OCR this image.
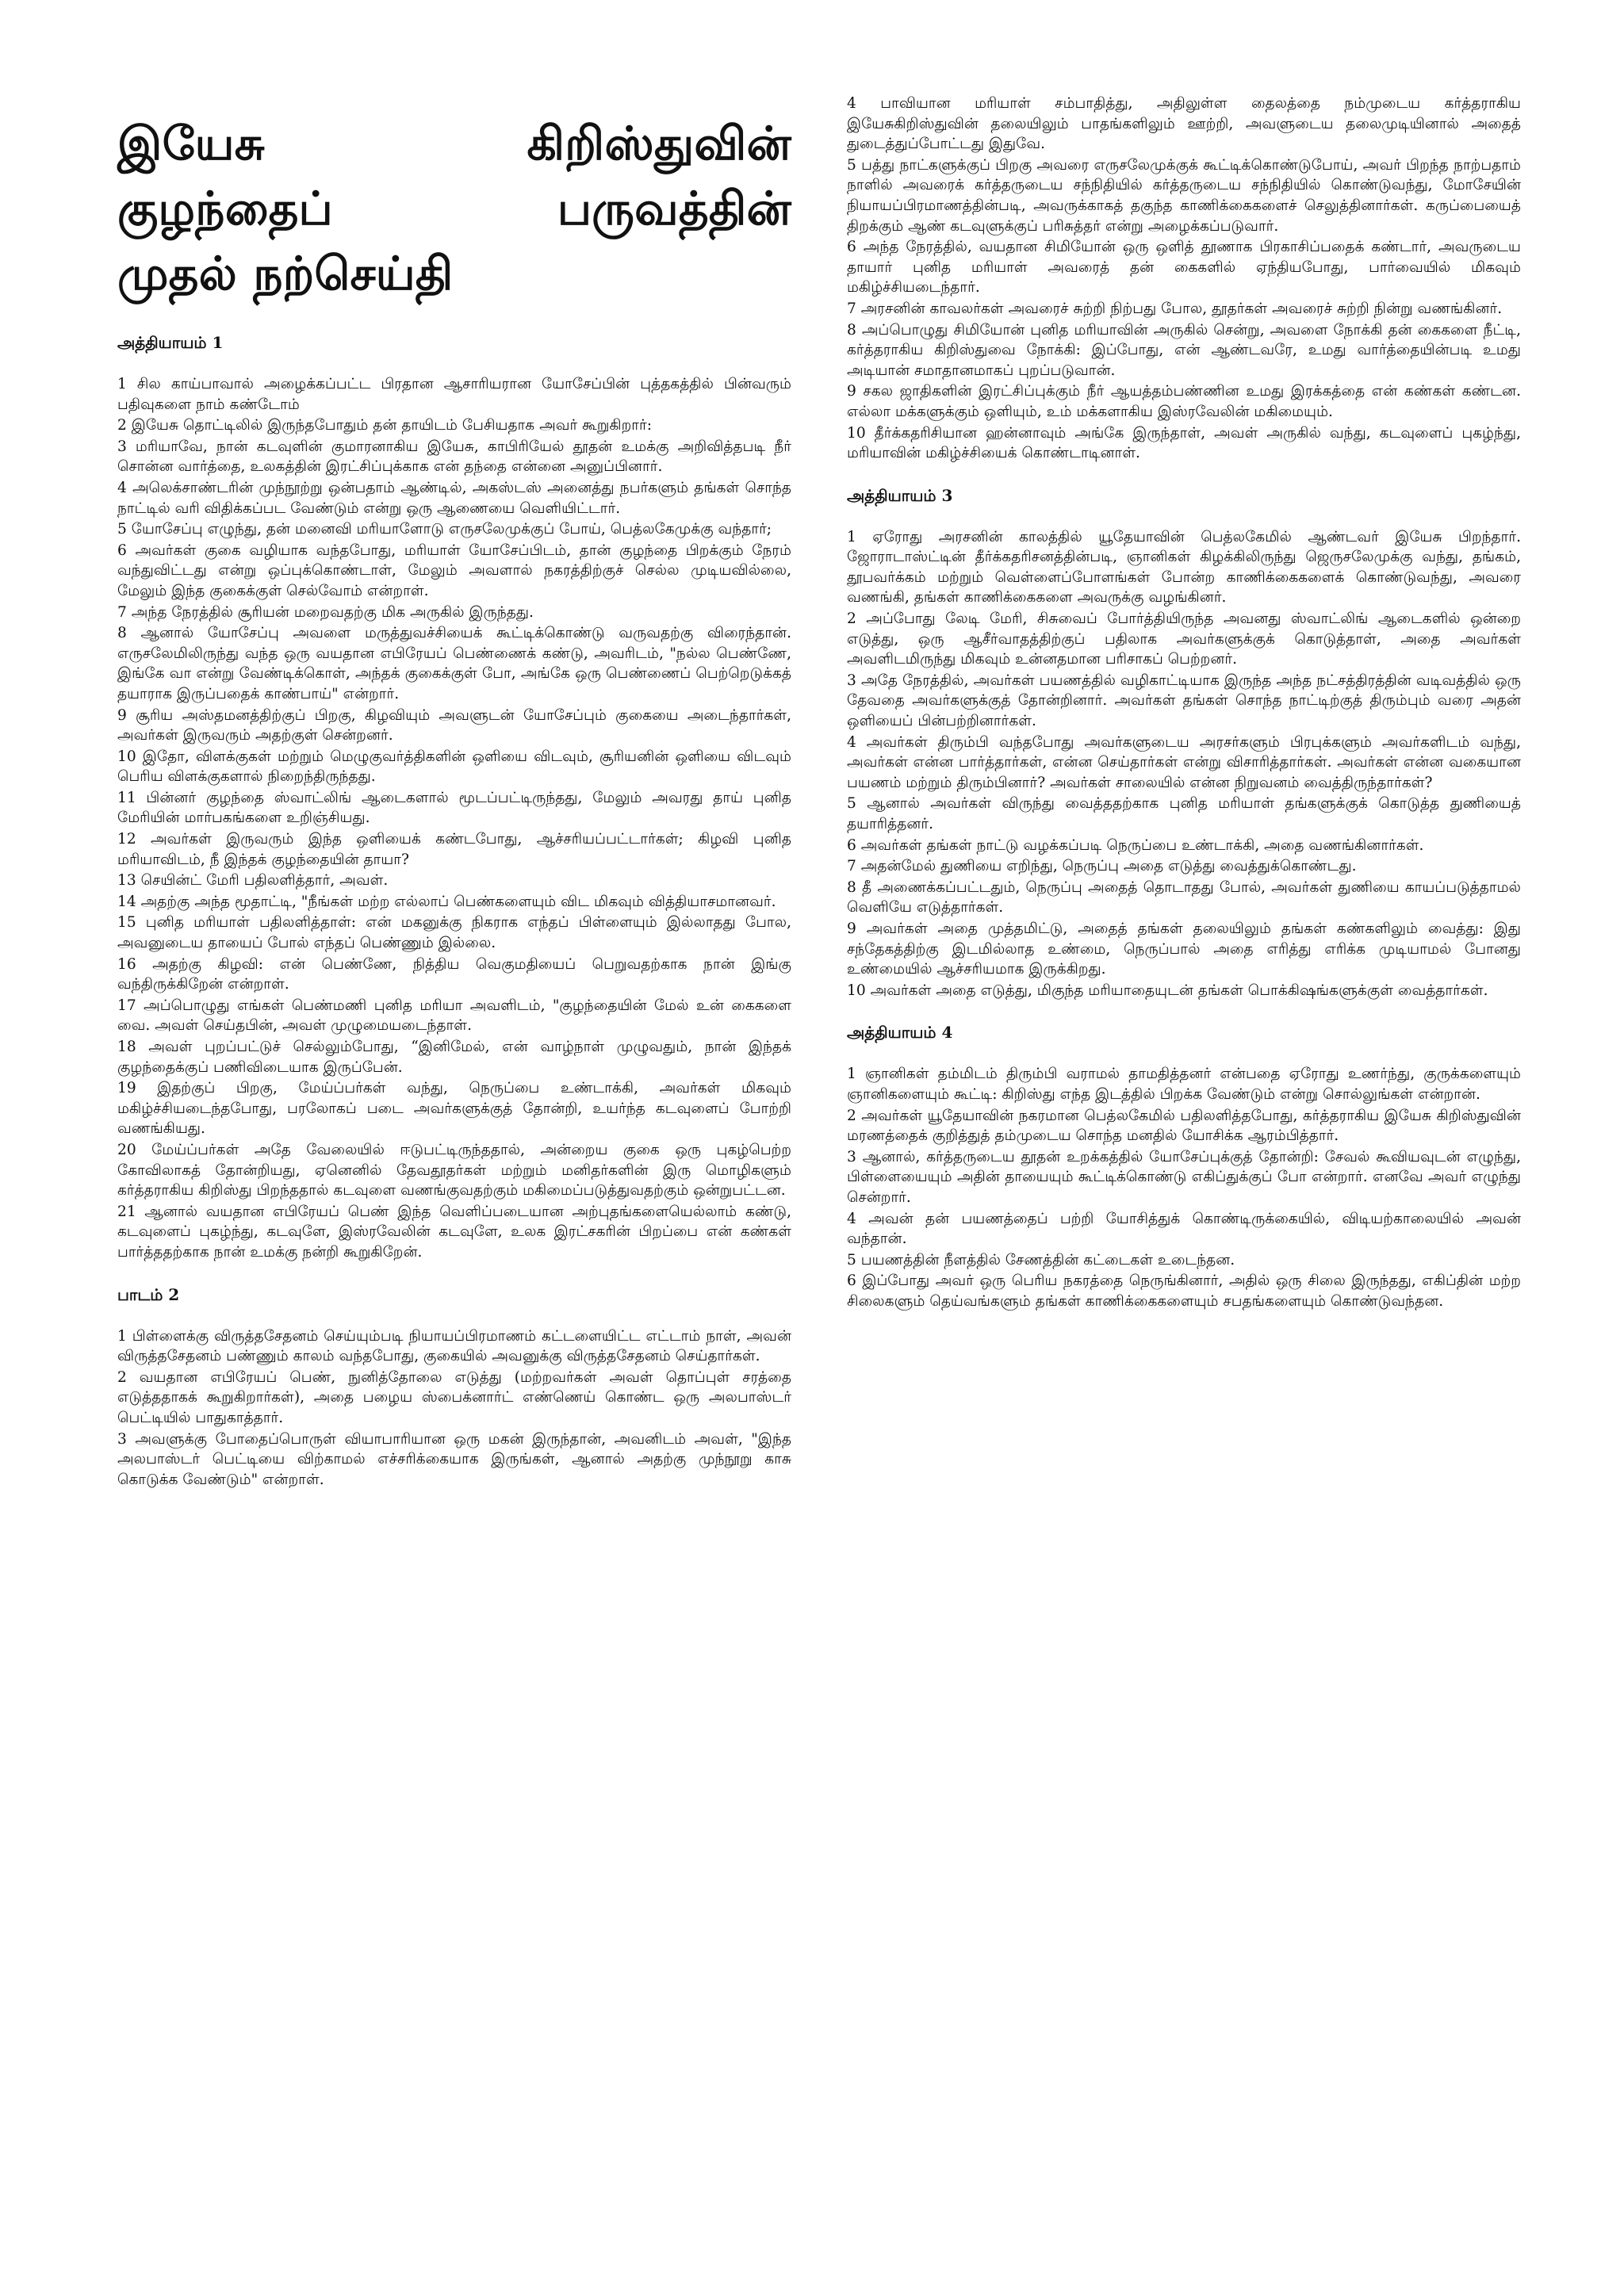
இயேசு கிறிஸ்துவின்
குழந்தைப் பருவத்தின்
முதல் நற்செய்தி
அத்தியாயம் 1

1 சில காய்பாவால் அழைக்கப்பட்ட பிரதான ஆசாரியரான யோசேப்பின் புத்தகத்தில் பின்வரும் பதிவுகளை நாம் கண்டோம்

2 இயேசு தொட்டிலில் இருந்தபோதும் தன் தாயிடம் பேசியதாக அவர் கூறுகிறார்:

3 மரியாவே, நான் கடவுளின் குமாரனாகிய இயேசு, காபிரியேல் தூதன் உமக்கு அறிவித்தபடி நீர் சொன்ன வார்த்தை, உலகத்தின் இரட்சிப்புக்காக என் தந்தை என்னை அனுப்பினார்.

4 அலெக்சாண்டரின் முந்நூற்று ஒன்பதாம் ஆண்டில், அகஸ்டஸ் அனைத்து நபர்களும் தங்கள் சொந்த நாட்டில் வரி விதிக்கப்பட வேண்டும் என்று ஒரு ஆணையை வெளியிட்டார்.

5 யோசேப்பு எழுந்து, தன் மனைவி மரியாளோடு எருசலேமுக்குப் போய், பெத்லகேமுக்கு வந்தார்;

6 அவர்கள் குகை வழியாக வந்தபோது, மரியாள் யோசேப்பிடம், தான் குழந்தை பிறக்கும் நேரம் வந்துவிட்டது என்று ஒப்புக்கொண்டாள், மேலும் அவளால் நகரத்திற்குச் செல்ல முடியவில்லை, மேலும் இந்த குகைக்குள் செல்வோம் என்றாள்.

7 அந்த நேரத்தில் சூரியன் மறைவதற்கு மிக அருகில் இருந்தது.

8 ஆனால் யோசேப்பு அவளை மருத்துவச்சியைக் கூட்டிக்கொண்டு வருவதற்கு விரைந்தான். எருசலேமிலிருந்து வந்த ஒரு வயதான எபிரேயப் பெண்ணைக் கண்டு, அவரிடம், "நல்ல பெண்ணே, இங்கே வா என்று வேண்டிக்கொள், அந்தக் குகைக்குள் போ, அங்கே ஒரு பெண்ணைப் பெற்றெடுக்கத் தயாராக இருப்பதைக் காண்பாய்" என்றார்.

9 சூரிய அஸ்தமனத்திற்குப் பிறகு, கிழவியும் அவளுடன் யோசேப்பும் குகையை அடைந்தார்கள், அவர்கள் இருவரும் அதற்குள் சென்றனர்.

10 இதோ, விளக்குகள் மற்றும் மெழுகுவர்த்திகளின் ஒளியை விடவும், சூரியனின் ஒளியை விடவும் பெரிய விளக்குகளால் நிறைந்திருந்தது.

11 பின்னர் குழந்தை ஸ்வாட்லிங் ஆடைகளால் மூடப்பட்டிருந்தது, மேலும் அவரது தாய் புனித மேரியின் மார்பகங்களை உறிஞ்சியது.

12 அவர்கள் இருவரும் இந்த ஒளியைக் கண்டபோது, ஆச்சரியப்பட்டார்கள்; கிழவி புனித மரியாவிடம், நீ இந்தக் குழந்தையின் தாயா?

13 செயின்ட் மேரி பதிலளித்தார், அவள்.

14 அதற்கு அந்த மூதாட்டி, "நீங்கள் மற்ற எல்லாப் பெண்களையும் விட மிகவும் வித்தியாசமானவர்.

15 புனித மரியாள் பதிலளித்தாள்: என் மகனுக்கு நிகராக எந்தப் பிள்ளையும் இல்லாதது போல, அவனுடைய தாயைப் போல் எந்தப் பெண்ணும் இல்லை.

16 அதற்கு கிழவி: என் பெண்ணே, நித்திய வெகுமதியைப் பெறுவதற்காக நான் இங்கு வந்திருக்கிறேன் என்றாள்.

17 அப்பொழுது எங்கள் பெண்மணி புனித மரியா அவளிடம், "குழந்தையின் மேல் உன் கைகளை வை. அவள் செய்தபின், அவள் முழுமையடைந்தாள்.

18 அவள் புறப்பட்டுச் செல்லும்போது, “இனிமேல், என் வாழ்நாள் முழுவதும், நான் இந்தக் குழந்தைக்குப் பணிவிடையாக இருப்பேன்.

19 இதற்குப் பிறகு, மேய்ப்பர்கள் வந்து, நெருப்பை உண்டாக்கி, அவர்கள் மிகவும் மகிழ்ச்சியடைந்தபோது, பரலோகப் படை அவர்களுக்குத் தோன்றி, உயர்ந்த கடவுளைப் போற்றி வணங்கியது.

20 மேய்ப்பர்கள் அதே வேலையில் ஈடுபட்டிருந்ததால், அன்றைய குகை ஒரு புகழ்பெற்ற கோவிலாகத் தோன்றியது, ஏனெனில் தேவதூதர்கள் மற்றும் மனிதர்களின் இரு மொழிகளும் கர்த்தராகிய கிறிஸ்து பிறந்ததால் கடவுளை வணங்குவதற்கும் மகிமைப்படுத்துவதற்கும் ஒன்றுபட்டன.

21 ஆனால் வயதான எபிரேயப் பெண் இந்த வெளிப்படையான அற்புதங்களையெல்லாம் கண்டு, கடவுளைப் புகழ்ந்து, கடவுளே, இஸ்ரவேலின் கடவுளே, உலக இரட்சகரின் பிறப்பை என் கண்கள் பார்த்ததற்காக நான் உமக்கு நன்றி கூறுகிறேன்.

பாடம் 2

1 பிள்ளைக்கு விருத்தசேதனம் செய்யும்படி நியாயப்பிரமாணம் கட்டளையிட்ட எட்டாம் நாள், அவன் விருத்தசேதனம் பண்ணும் காலம் வந்தபோது, குகையில் அவனுக்கு விருத்தசேதனம் செய்தார்கள்.

2 வயதான எபிரேயப் பெண், நுனித்தோலை எடுத்து (மற்றவர்கள் அவள் தொப்புள் சரத்தை எடுத்ததாகக் கூறுகிறார்கள்), அதை பழைய ஸ்பைக்னார்ட் எண்ணெய் கொண்ட ஒரு அலபாஸ்டர் பெட்டியில் பாதுகாத்தார்.

3 அவளுக்கு போதைப்பொருள் வியாபாரியான ஒரு மகன் இருந்தான், அவனிடம் அவள், "இந்த அலபாஸ்டர் பெட்டியை விற்காமல் எச்சரிக்கையாக இருங்கள், ஆனால் அதற்கு முந்நூறு காசு கொடுக்க வேண்டும்" என்றாள்.

4 பாவியான மரியாள் சம்பாதித்து, அதிலுள்ள தைலத்தை நம்முடைய கர்த்தராகிய இயேசுகிறிஸ்துவின் தலையிலும் பாதங்களிலும் ஊற்றி, அவளுடைய தலைமுடியினால் அதைத் துடைத்துப்போட்டது இதுவே.

5 பத்து நாட்களுக்குப் பிறகு அவரை எருசலேமுக்குக் கூட்டிக்கொண்டுபோய், அவர் பிறந்த நாற்பதாம் நாளில் அவரைக் கர்த்தருடைய சந்நிதியில் கர்த்தருடைய சந்நிதியில் கொண்டுவந்து, மோசேயின் நியாயப்பிரமாணத்தின்படி, அவருக்காகத் தகுந்த காணிக்கைகளைச் செலுத்தினார்கள். கருப்பையைத் திறக்கும் ஆண் கடவுளுக்குப் பரிசுத்தர் என்று அழைக்கப்படுவார்.

6 அந்த நேரத்தில், வயதான சிமியோன் ஒரு ஒளித் தூணாக பிரகாசிப்பதைக் கண்டார், அவருடைய தாயார் புனித மரியாள் அவரைத் தன் கைகளில் ஏந்தியபோது, பார்வையில் மிகவும் மகிழ்ச்சியடைந்தார்.

7 அரசனின் காவலர்கள் அவரைச் சுற்றி நிற்பது போல, தூதர்கள் அவரைச் சுற்றி நின்று வணங்கினர்.

8 அப்பொழுது சிமியோன் புனித மரியாவின் அருகில் சென்று, அவளை நோக்கி தன் கைகளை நீட்டி, கர்த்தராகிய கிறிஸ்துவை நோக்கி: இப்போது, என் ஆண்டவரே, உமது வார்த்தையின்படி உமது அடியான் சமாதானமாகப் புறப்படுவான்.

9 சகல ஜாதிகளின் இரட்சிப்புக்கும் நீர் ஆயத்தம்பண்ணின உமது இரக்கத்தை என் கண்கள் கண்டன. எல்லா மக்களுக்கும் ஒளியும், உம் மக்களாகிய இஸ்ரவேலின் மகிமையும்.

10 தீர்க்கதரிசியான ஹன்னாவும் அங்கே இருந்தாள், அவள் அருகில் வந்து, கடவுளைப் புகழ்ந்து, மரியாவின் மகிழ்ச்சியைக் கொண்டாடினாள்.

அத்தியாயம் 3

1 ஏரோது அரசனின் காலத்தில் யூதேயாவின் பெத்லகேமில் ஆண்டவர் இயேசு பிறந்தார். ஜோராடாஸ்ட்டின் தீர்க்கதரிசனத்தின்படி, ஞானிகள் கிழக்கிலிருந்து ஜெருசலேமுக்கு வந்து, தங்கம், தூபவர்க்கம் மற்றும் வெள்ளைப்போளங்கள் போன்ற காணிக்கைகளைக் கொண்டுவந்து, அவரை வணங்கி, தங்கள் காணிக்கைகளை அவருக்கு வழங்கினர்.

2 அப்போது லேடி மேரி, சிசுவைப் போர்த்தியிருந்த அவனது ஸ்வாட்லிங் ஆடைகளில் ஒன்றை எடுத்து, ஒரு ஆசீர்வாதத்திற்குப் பதிலாக அவர்களுக்குக் கொடுத்தாள், அதை அவர்கள் அவளிடமிருந்து மிகவும் உன்னதமான பரிசாகப் பெற்றனர்.

3 அதே நேரத்தில், அவர்கள் பயணத்தில் வழிகாட்டியாக இருந்த அந்த நட்சத்திரத்தின் வடிவத்தில் ஒரு தேவதை அவர்களுக்குத் தோன்றினார். அவர்கள் தங்கள் சொந்த நாட்டிற்குத் திரும்பும் வரை அதன் ஒளியைப் பின்பற்றினார்கள்.

4 அவர்கள் திரும்பி வந்தபோது அவர்களுடைய அரசர்களும் பிரபுக்களும் அவர்களிடம் வந்து, அவர்கள் என்ன பார்த்தார்கள், என்ன செய்தார்கள் என்று விசாரித்தார்கள். அவர்கள் என்ன வகையான பயணம் மற்றும் திரும்பினார்? அவர்கள் சாலையில் என்ன நிறுவனம் வைத்திருந்தார்கள்?

5 ஆனால் அவர்கள் விருந்து வைத்ததற்காக புனித மரியாள் தங்களுக்குக் கொடுத்த துணியைத் தயாரித்தனர்.

6 அவர்கள் தங்கள் நாட்டு வழக்கப்படி நெருப்பை உண்டாக்கி, அதை வணங்கினார்கள்.

7 அதன்மேல் துணியை எறிந்து, நெருப்பு அதை எடுத்து வைத்துக்கொண்டது.

8 தீ அணைக்கப்பட்டதும், நெருப்பு அதைத் தொடாதது போல், அவர்கள் துணியை காயப்படுத்தாமல் வெளியே எடுத்தார்கள்.

9 அவர்கள் அதை முத்தமிட்டு, அதைத் தங்கள் தலையிலும் தங்கள் கண்களிலும் வைத்து: இது சந்தேகத்திற்கு இடமில்லாத உண்மை, நெருப்பால் அதை எரித்து எரிக்க முடியாமல் போனது உண்மையில் ஆச்சரியமாக இருக்கிறது.

10 அவர்கள் அதை எடுத்து, மிகுந்த மரியாதையுடன் தங்கள் பொக்கிஷங்களுக்குள் வைத்தார்கள்.

அத்தியாயம் 4

1 ஞானிகள் தம்மிடம் திரும்பி வராமல் தாமதித்தனர் என்பதை ஏரோது உணர்ந்து, குருக்களையும் ஞானிகளையும் கூட்டி: கிறிஸ்து எந்த இடத்தில் பிறக்க வேண்டும் என்று சொல்லுங்கள் என்றான்.

2 அவர்கள் யூதேயாவின் நகரமான பெத்லகேமில் பதிலளித்தபோது, கர்த்தராகிய இயேசு கிறிஸ்துவின் மரணத்தைக் குறித்துத் தம்முடைய சொந்த மனதில் யோசிக்க ஆரம்பித்தார்.

3 ஆனால், கர்த்தருடைய தூதன் உறக்கத்தில் யோசேப்புக்குத் தோன்றி: சேவல் கூவியவுடன் எழுந்து, பிள்ளையையும் அதின் தாயையும் கூட்டிக்கொண்டு எகிப்துக்குப் போ என்றார். எனவே அவர் எழுந்து சென்றார்.

4 அவன் தன் பயணத்தைப் பற்றி யோசித்துக் கொண்டிருக்கையில், விடியற்காலையில் அவன் வந்தான்.

5 பயணத்தின் நீளத்தில் சேணத்தின் கட்டைகள் உடைந்தன.

6 இப்போது அவர் ஒரு பெரிய நகரத்தை நெருங்கினார், அதில் ஒரு சிலை இருந்தது, எகிப்தின் மற்ற சிலைகளும் தெய்வங்களும் தங்கள் காணிக்கைகளையும் சபதங்களையும் கொண்டுவந்தன.
